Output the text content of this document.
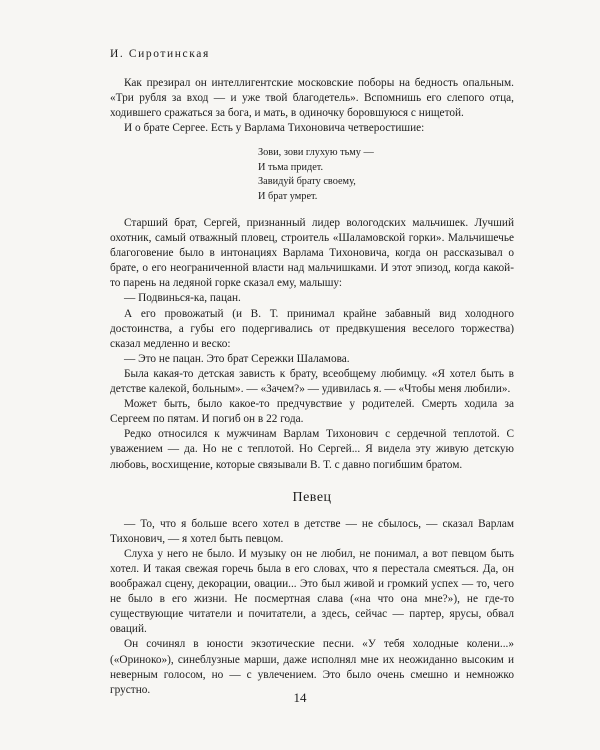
И. Сиротинская

Как презирал он интеллигентские московские поборы на бедность опальным. «Три рубля за вход — и уже твой благодетель». Вспомнишь его слепого отца, ходившего сражаться за бога, и мать, в одиночку боровшуюся с нищетой.

И о брате Сергее. Есть у Варлама Тихоновича четверостишие:

Зови, зови глухую тьму —
И тьма придет.
Завидуй брату своему,
И брат умрет.

Старший брат, Сергей, признанный лидер вологодских мальчишек. Лучший охотник, самый отважный пловец, строитель «Шаламовской горки». Мальчишечье благоговение было в интонациях Варлама Тихоновича, когда он рассказывал о брате, о его неограниченной власти над мальчишками. И этот эпизод, когда какой-то парень на ледяной горке сказал ему, малышу:

— Подвинься-ка, пацан.

А его провожатый (и В. Т. принимал крайне забавный вид холодного достоинства, а губы его подергивались от предвкушения веселого торжества) сказал медленно и веско:

— Это не пацан. Это брат Сережки Шаламова.

Была какая-то детская зависть к брату, всеобщему любимцу. «Я хотел быть в детстве калекой, больным». — «Зачем?» — удивилась я. — «Чтобы меня любили».

Может быть, было какое-то предчувствие у родителей. Смерть ходила за Сергеем по пятам. И погиб он в 22 года.

Редко относился к мужчинам Варлам Тихонович с сердечной теплотой. С уважением — да. Но не с теплотой. Но Сергей... Я видела эту живую детскую любовь, восхищение, которые связывали В. Т. с давно погибшим братом.

Певец

— То, что я больше всего хотел в детстве — не сбылось, — сказал Варлам Тихонович, — я хотел быть певцом.

Слуха у него не было. И музыку он не любил, не понимал, а вот певцом быть хотел. И такая свежая горечь была в его словах, что я перестала смеяться. Да, он воображал сцену, декорации, овации... Это был живой и громкий успех — то, чего не было в его жизни. Не посмертная слава («на что она мне?»), не где-то существующие читатели и почитатели, а здесь, сейчас — партер, ярусы, обвал оваций.

Он сочинял в юности экзотические песни. «У тебя холодные колени...» («Ориноко»), синеблузные марши, даже исполнял мне их неожиданно высоким и неверным голосом, но — с увлечением. Это было очень смешно и немножко грустно.

14
